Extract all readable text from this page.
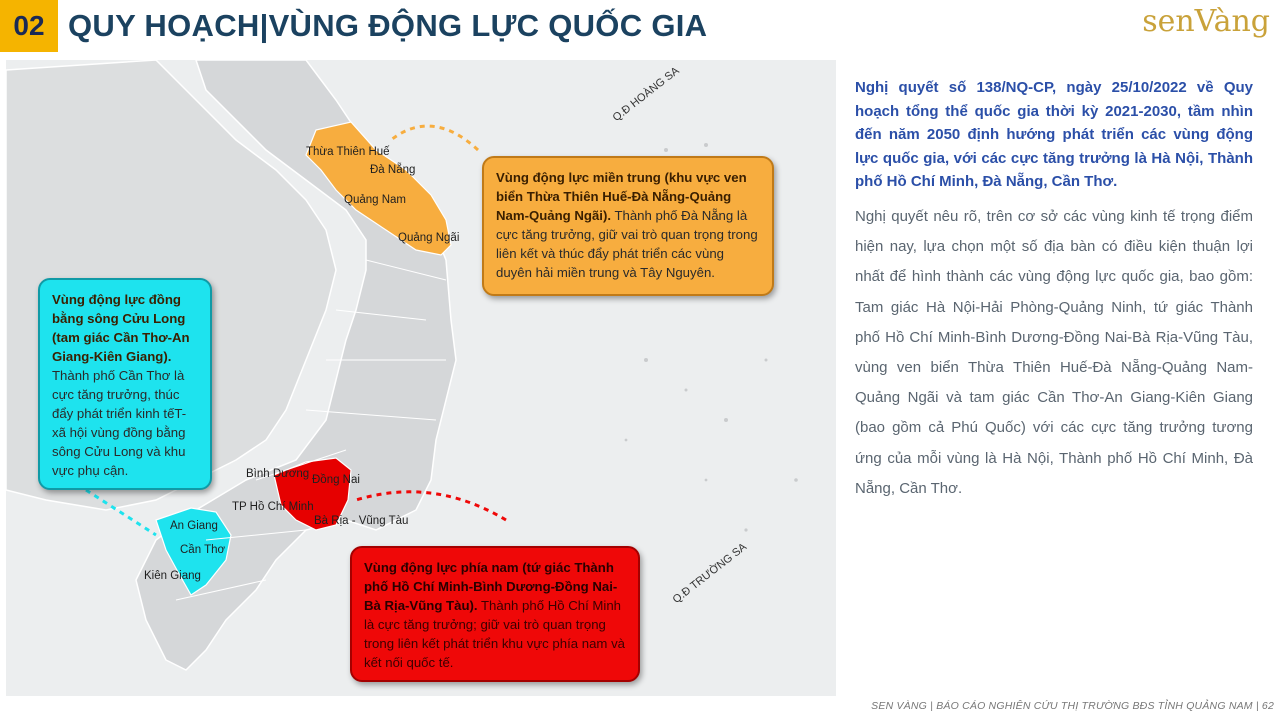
02 QUY HOẠCH|VÙNG ĐỘNG LỰC QUỐC GIA	senVàng
Q.Đ HOÀNG SA
Q.Đ TRƯỜNG SA
Thừa Thiên Huế
Đà Nẵng
Quảng Nam
Quảng Ngãi
Bình Dương Đồng Nai
TP Hồ Chí Minh
Bà Rịa - Vũng Tàu
An Giang
Cần Thơ
Kiên Giang
Vùng động lực miền trung (khu vực ven biển Thừa Thiên Huế-Đà Nẵng-Quảng Nam-Quảng Ngãi). Thành phố Đà Nẵng là cực tăng trưởng, giữ vai trò quan trọng trong liên kết và thúc đẩy phát triển các vùng duyên hải miền trung và Tây Nguyên.
Vùng động lực đồng bằng sông Cửu Long (tam giác Cần Thơ-An Giang-Kiên Giang). Thành phố Cần Thơ là cực tăng trưởng, thúc đẩy phát triển kinh tếT-xã hội vùng đồng bằng sông Cửu Long và khu vực phụ cận.
Vùng động lực phía nam (tứ giác Thành phố Hồ Chí Minh-Bình Dương-Đồng Nai-Bà Rịa-Vũng Tàu). Thành phố Hồ Chí Minh là cực tăng trưởng; giữ vai trò quan trọng trong liên kết phát triển khu vực phía nam và kết nối quốc tế.

Nghị quyết số 138/NQ-CP, ngày 25/10/2022 về Quy hoạch tổng thể quốc gia thời kỳ 2021-2030, tầm nhìn đến năm 2050 định hướng phát triển các vùng động lực quốc gia, với các cực tăng trưởng là Hà Nội, Thành phố Hồ Chí Minh, Đà Nẵng, Cần Thơ.

Nghị quyết nêu rõ, trên cơ sở các vùng kinh tế trọng điểm hiện nay, lựa chọn một số địa bàn có điều kiện thuận lợi nhất để hình thành các vùng động lực quốc gia, bao gồm: Tam giác Hà Nội-Hải Phòng-Quảng Ninh, tứ giác Thành phố Hồ Chí Minh-Bình Dương-Đồng Nai-Bà Rịa-Vũng Tàu, vùng ven biển Thừa Thiên Huế-Đà Nẵng-Quảng Nam-Quảng Ngãi và tam giác Cần Thơ-An Giang-Kiên Giang (bao gồm cả Phú Quốc) với các cực tăng trưởng tương ứng của mỗi vùng là Hà Nội, Thành phố Hồ Chí Minh, Đà Nẵng, Cần Thơ.

SEN VÀNG | BÁO CÁO NGHIÊN CỨU THỊ TRƯỜNG BĐS TỈNH QUẢNG NAM | 62
